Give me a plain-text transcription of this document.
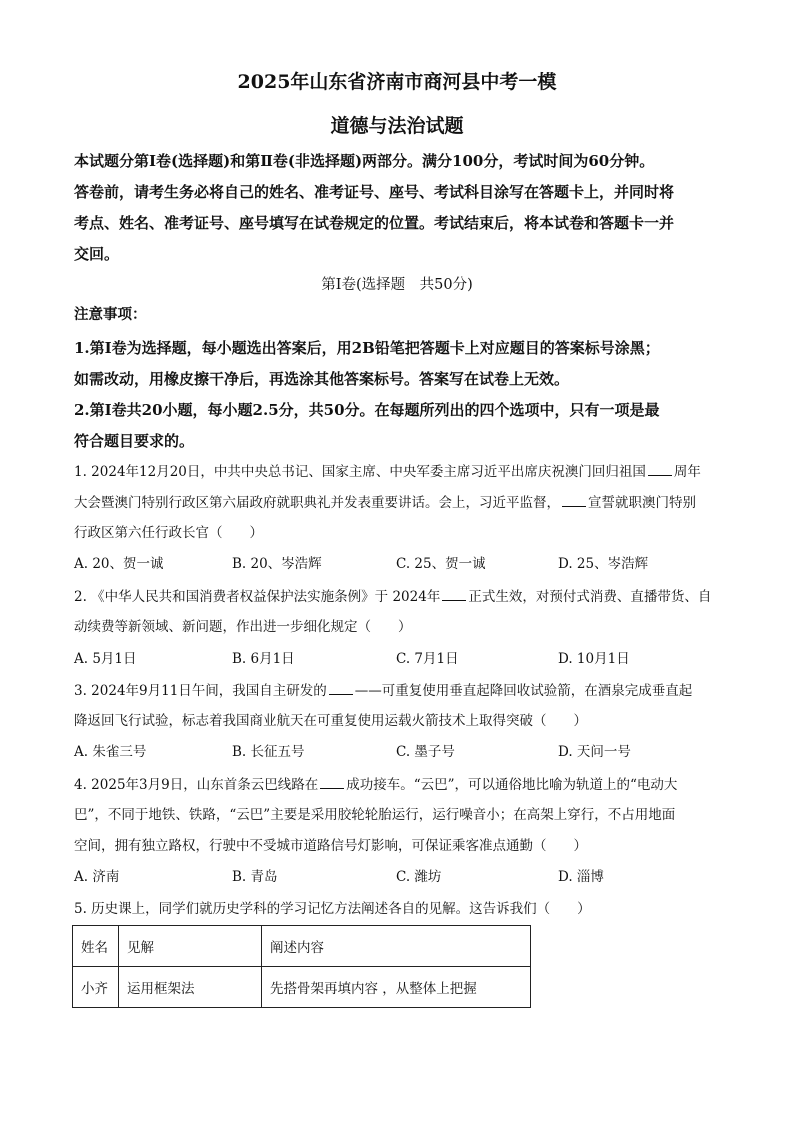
2025年山东省济南市商河县中考一模
道德与法治试题
本试题分第Ⅰ卷(选择题)和第Ⅱ卷(非选择题)两部分。满分100分，考试时间为60分钟。
答卷前，请考生务必将自己的姓名、准考证号、座号、考试科目涂写在答题卡上，并同时将
考点、姓名、准考证号、座号填写在试卷规定的位置。考试结束后，将本试卷和答题卡一并
交回。
第Ⅰ卷(选择题　共50分)
注意事项：
1.第Ⅰ卷为选择题，每小题选出答案后，用2B铅笔把答题卡上对应题目的答案标号涂黑；
如需改动，用橡皮擦干净后，再选涂其他答案标号。答案写在试卷上无效。
2.第Ⅰ卷共20小题，每小题2.5分，共50分。在每题所列出的四个选项中，只有一项是最
符合题目要求的。
1. 2024年12月20日，中共中央总书记、国家主席、中央军委主席习近平出席庆祝澳门回归祖国 周年
大会暨澳门特别行政区第六届政府就职典礼并发表重要讲话。会上，习近平监督， 宣誓就职澳门特别
行政区第六任行政长官（　　）
A. 20、贺一诚	B. 20、岑浩辉	C. 25、贺一诚	D. 25、岑浩辉
2. 《中华人民共和国消费者权益保护法实施条例》于 2024年 正式生效，对预付式消费、直播带货、自
动续费等新领域、新问题，作出进一步细化规定（　　）
A. 5月1日	B. 6月1日	C. 7月1日	D. 10月1日
3. 2024年9月11日午间，我国自主研发的 ——可重复使用垂直起降回收试验箭，在酒泉完成垂直起
降返回飞行试验，标志着我国商业航天在可重复使用运载火箭技术上取得突破（　　）
A. 朱雀三号	B. 长征五号	C. 墨子号	D. 天问一号
4. 2025年3月9日，山东首条云巴线路在 成功接车。“云巴”，可以通俗地比喻为轨道上的“电动大
巴”，不同于地铁、铁路，“云巴”主要是采用胶轮轮胎运行，运行噪音小；在高架上穿行，不占用地面
空间，拥有独立路权，行驶中不受城市道路信号灯影响，可保证乘客准点通勤（　　）
A. 济南	B. 青岛	C. 潍坊	D. 淄博
5. 历史课上，同学们就历史学科的学习记忆方法阐述各自的见解。这告诉我们（　　）
姓名	见解	阐述内容
小齐	运用框架法	先搭骨架再填内容 ，从整体上把握
